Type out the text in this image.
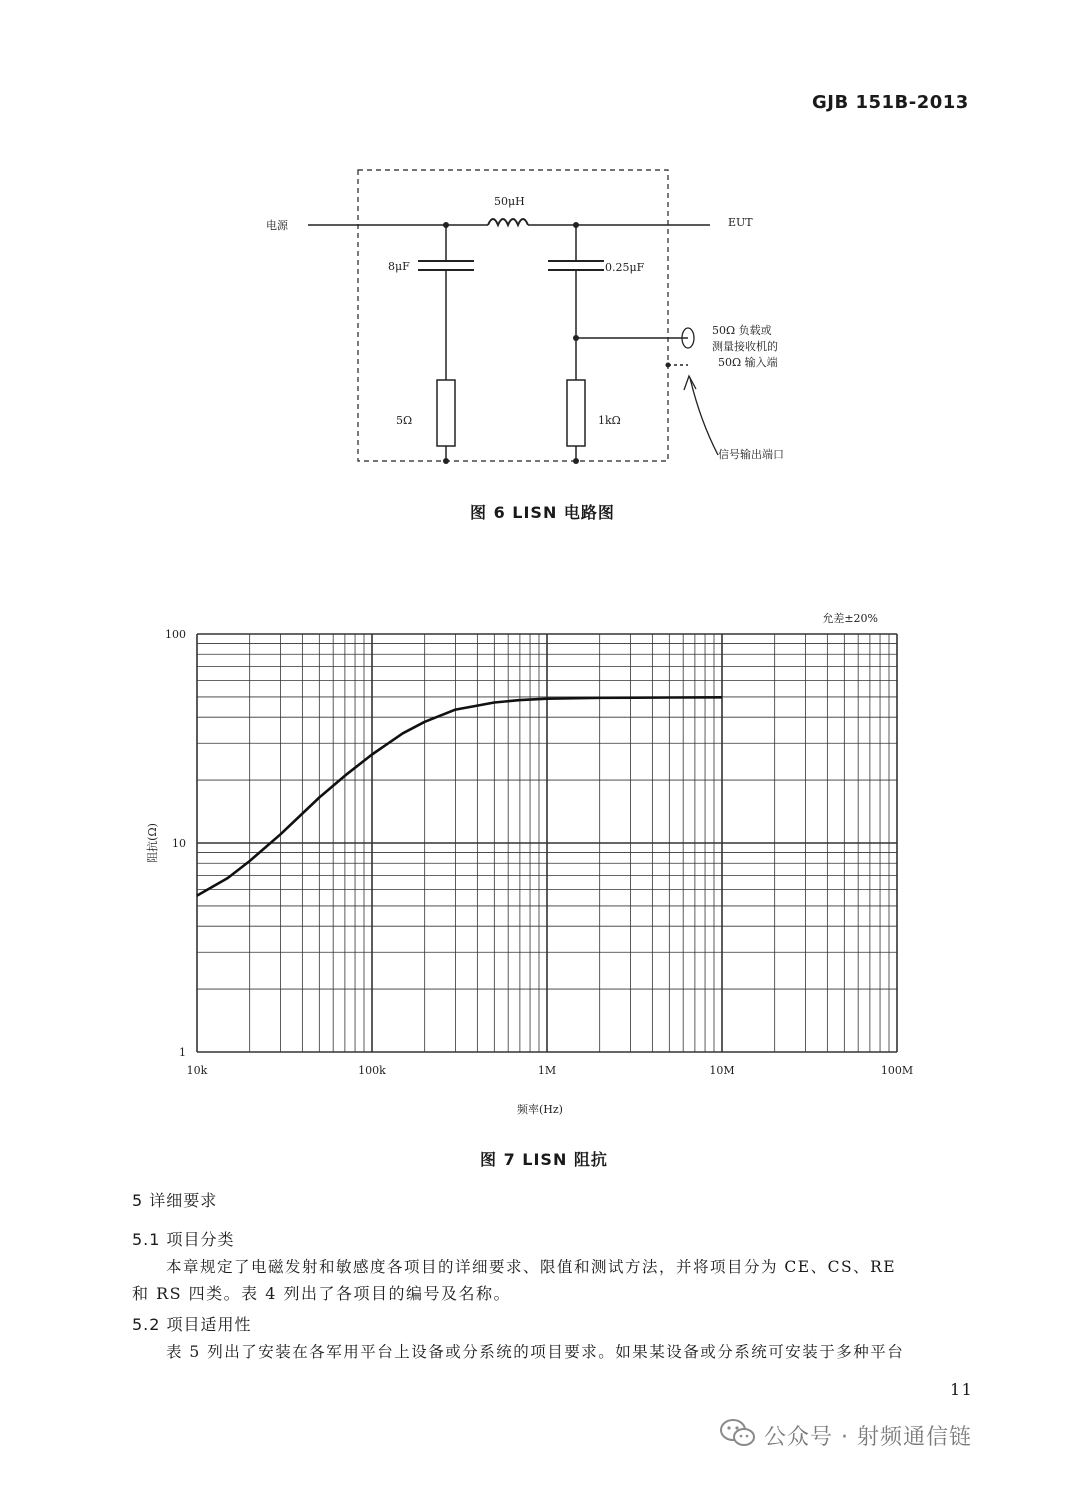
GJB 151B-2013
电源
50μH
EUT
8μF	0.25μF
5Ω	1kΩ
50Ω 负载或
测量接收机的
50Ω 输入端
信号输出端口
图 6 LISN 电路图
10k	100k	1M	10M	100M
100
10
1
允差±20%
频率(Hz)
阻抗(Ω)
图 7 LISN 阻抗
5 详细要求
5.1 项目分类
本章规定了电磁发射和敏感度各项目的详细要求、限值和测试方法，并将项目分为 CE、CS、RE
和 RS 四类。表 4 列出了各项目的编号及名称。
5.2 项目适用性
表 5 列出了安装在各军用平台上设备或分系统的项目要求。如果某设备或分系统可安装于多种平台
11
公众号 · 射频通信链
